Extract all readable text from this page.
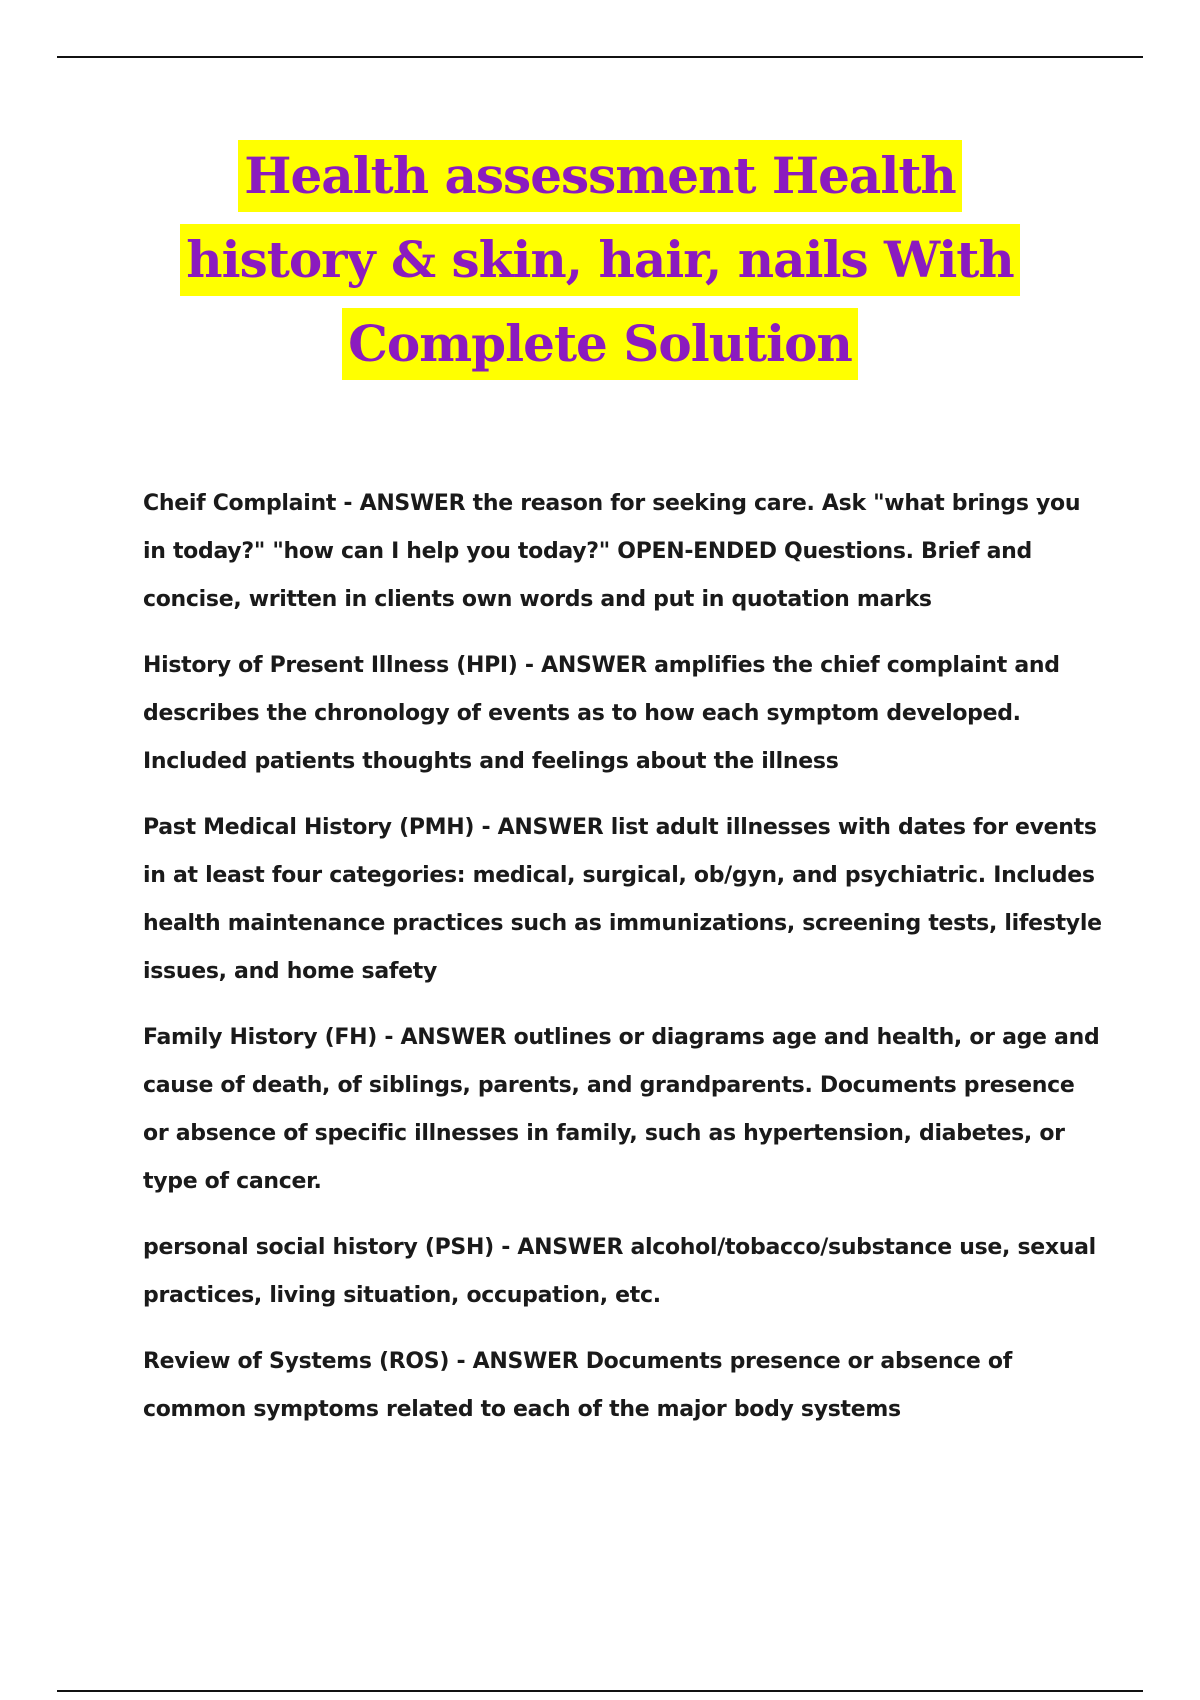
Health assessment Health
history & skin, hair, nails With
Complete Solution

Cheif Complaint - ANSWER the reason for seeking care. Ask "what brings you in today?" "how can I help you today?" OPEN-ENDED Questions. Brief and concise, written in clients own words and put in quotation marks

History of Present Illness (HPI) - ANSWER amplifies the chief complaint and describes the chronology of events as to how each symptom developed. Included patients thoughts and feelings about the illness

Past Medical History (PMH) - ANSWER list adult illnesses with dates for events in at least four categories: medical, surgical, ob/gyn, and psychiatric. Includes health maintenance practices such as immunizations, screening tests, lifestyle issues, and home safety

Family History (FH) - ANSWER outlines or diagrams age and health, or age and cause of death, of siblings, parents, and grandparents. Documents presence or absence of specific illnesses in family, such as hypertension, diabetes, or type of cancer.

personal social history (PSH) - ANSWER alcohol/tobacco/substance use, sexual practices, living situation, occupation, etc.

Review of Systems (ROS) - ANSWER Documents presence or absence of common symptoms related to each of the major body systems
